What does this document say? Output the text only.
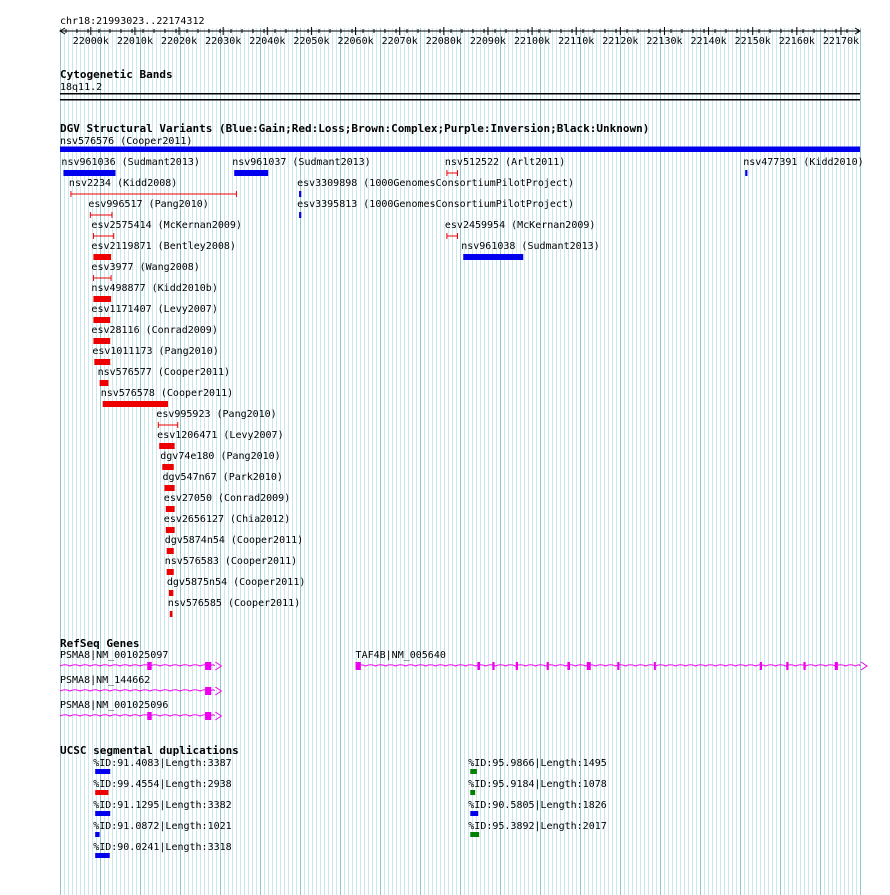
chr18:21993023..22174312
22000k 22010k 22020k 22030k 22040k 22050k 22060k 22070k 22080k 22090k 22100k 22110k 22120k 22130k 22140k 22150k 22160k 22170k
Cytogenetic Bands
18q11.2
DGV Structural Variants (Blue:Gain;Red:Loss;Brown:Complex;Purple:Inversion;Black:Unknown)
nsv576576 (Cooper2011)
nsv961036 (Sudmant2013)	nsv961037 (Sudmant2013)	nsv512522 (Arlt2011)	nsv477391 (Kidd2010)
nsv2234 (Kidd2008)	esv3309898 (1000GenomesConsortiumPilotProject)
esv996517 (Pang2010)	esv3395813 (1000GenomesConsortiumPilotProject)
esv2575414 (McKernan2009)	esv2459954 (McKernan2009)
esv2119871 (Bentley2008)	nsv961038 (Sudmant2013)
esv3977 (Wang2008)
nsv498877 (Kidd2010b)
esv1171407 (Levy2007)
esv28116 (Conrad2009)
esv1011173 (Pang2010)
nsv576577 (Cooper2011)
nsv576578 (Cooper2011)
esv995923 (Pang2010)
esv1206471 (Levy2007)
dgv74e180 (Pang2010)
dgv547n67 (Park2010)
esv27050 (Conrad2009)
esv2656127 (Chia2012)
dgv5874n54 (Cooper2011)
nsv576583 (Cooper2011)
dgv5875n54 (Cooper2011)
nsv576585 (Cooper2011)
RefSeq Genes
PSMA8|NM_001025097	TAF4B|NM_005640
PSMA8|NM_144662
PSMA8|NM_001025096
UCSC segmental duplications
%ID:91.4083|Length:3387	%ID:95.9866|Length:1495
%ID:99.4554|Length:2938	%ID:95.9184|Length:1078
%ID:91.1295|Length:3382	%ID:90.5805|Length:1826
%ID:91.0872|Length:1021	%ID:95.3892|Length:2017
%ID:90.0241|Length:3318
